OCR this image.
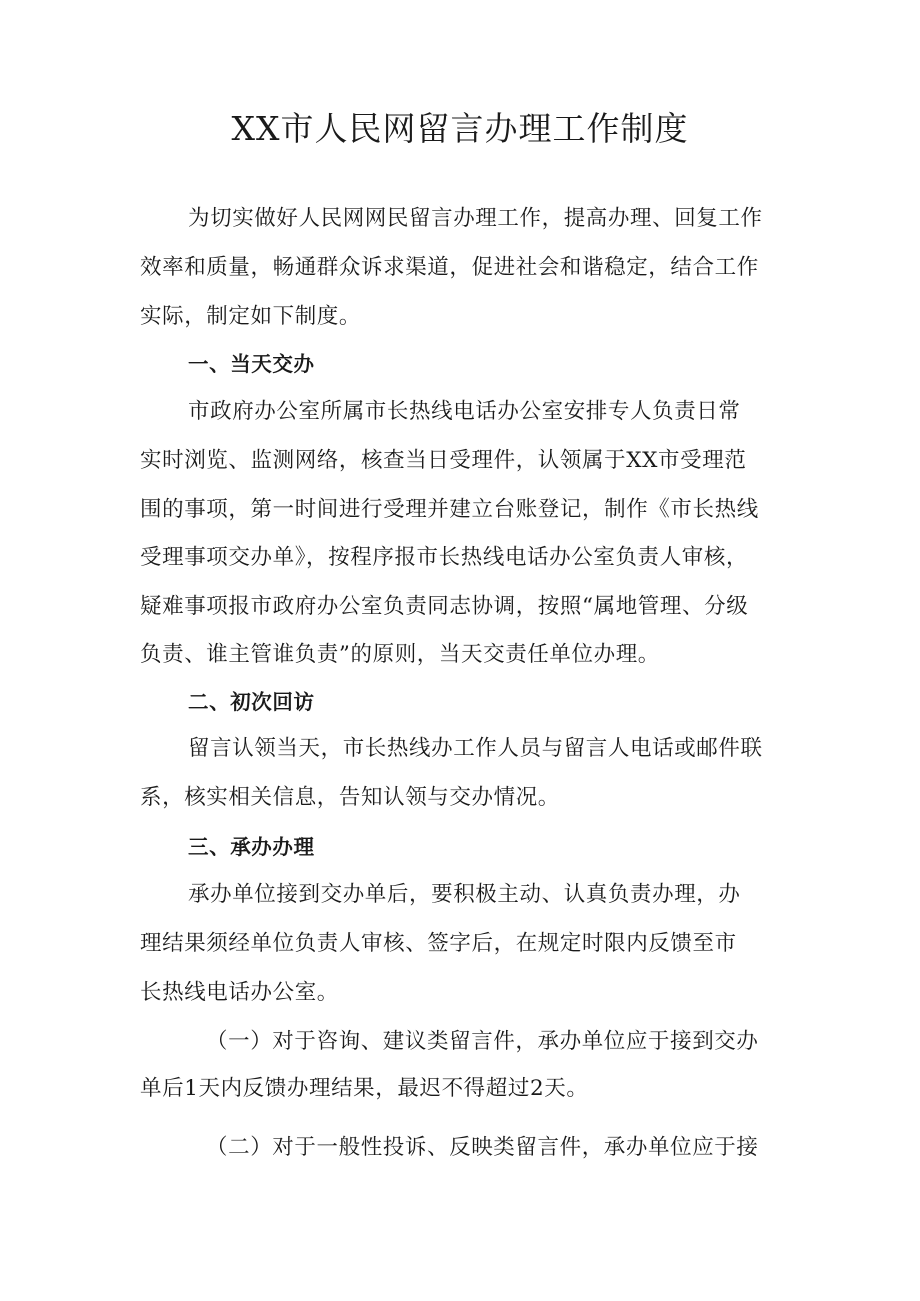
XX市人民网留言办理工作制度
为切实做好人民网网民留言办理工作，提高办理、回复工作
效率和质量，畅通群众诉求渠道，促进社会和谐稳定，结合工作
实际，制定如下制度。
一、当天交办
市政府办公室所属市长热线电话办公室安排专人负责日常
实时浏览、监测网络，核查当日受理件，认领属于XX市受理范
围的事项，第一时间进行受理并建立台账登记，制作《市长热线
受理事项交办单》，按程序报市长热线电话办公室负责人审核，
疑难事项报市政府办公室负责同志协调，按照“属地管理、分级
负责、谁主管谁负责”的原则，当天交责任单位办理。
二、初次回访
留言认领当天，市长热线办工作人员与留言人电话或邮件联
系，核实相关信息，告知认领与交办情况。
三、承办办理
承办单位接到交办单后，要积极主动、认真负责办理，办
理结果须经单位负责人审核、签字后，在规定时限内反馈至市
长热线电话办公室。
（一）对于咨询、建议类留言件，承办单位应于接到交办
单后1天内反馈办理结果，最迟不得超过2天。
（二）对于一般性投诉、反映类留言件，承办单位应于接
